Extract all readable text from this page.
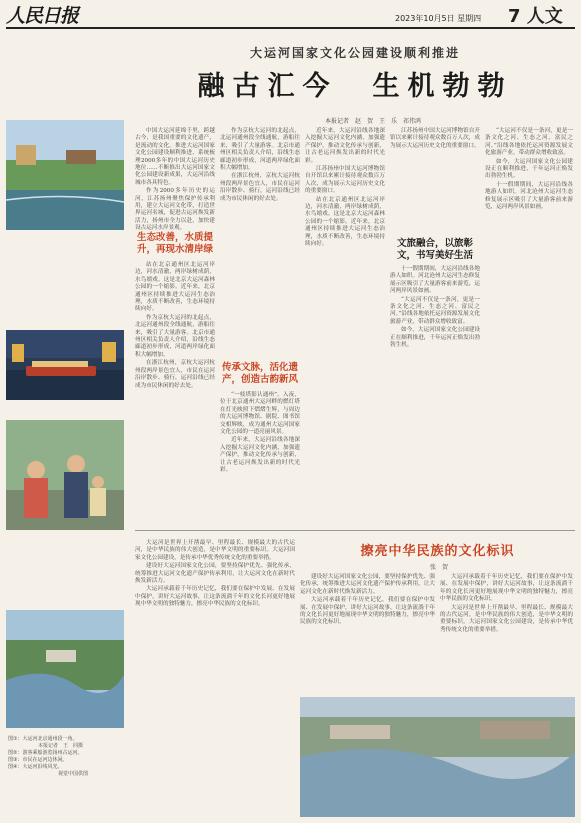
人民日报	2023年10月5日 星期四 7 人文
图①：大运河北京通州段一角。
本报记者　王　同摄
图②：游客乘船游览扬州古运河。
图③：市民在运河边休闲。
图④：大运河沿线风光。
视觉中国供图
大运河国家文化公园建设顺利推进
融古汇今　生机勃勃
本报记者　赵　贺　王　乐　祁伟鸿

中国大运河延绵千里，跨越古今，是我国重要的文化遗产，是流动的文化。推进大运河国家文化公园建设顺利推进，系统梳理2000多年的中国大运河历史地位……不断推出大运河国家文化公园建设新成果，大运河沿线城市各具特色。

作为2000多年历史的运河，江苏扬州聚焦保护传承利用，建立大运河文化带，打造世界运河名城，促进古运河焕发新活力，扬州市全力以赴，加快建设古运河水岸景观。

生态改善，水质提升，再现水清岸绿

站在北京通州区北运河岸边，河水清澈，两岸绿树成荫，水鸟嬉戏。这是北京大运河森林公园的一个缩影。近年来，北京通州区持续推进大运河生态治理，水质不断改善，生态环境持续向好。

作为京杭大运河的北起点，北运河通州段全线通航，游船往来，吸引了大量游客。北京市通州区相关负责人介绍，沿线生态廊道初步形成，河道两岸绿化面积大幅增加。

在浙江杭州，京杭大运河杭州段两岸景色宜人，市民在运河沿岸散步、骑行，运河沿线已经成为市民休闲的好去处。

作为京杭大运河的北起点，北运河通州段全线通航，游船往来，吸引了大量游客。北京市通州区相关负责人介绍，沿线生态廊道初步形成，河道两岸绿化面积大幅增加。

在浙江杭州，京杭大运河杭州段两岸景色宜人，市民在运河沿岸散步、骑行，运河沿线已经成为市民休闲的好去处。

传承文脉，活化遗产，创造古韵新风

“一枝塔影认通州”。入夜，位于北京通州大运河畔的燃灯塔在灯光映照下熠熠生辉，与周边的大运河博物馆、剧院、图书馆交相辉映，成为通州大运河国家文化公园的一道亮丽风景。

近年来，大运河沿线各地深入挖掘大运河文化内涵，加强遗产保护，推动文化传承与创新，让古老运河焕发出新的时代光彩。

近年来，大运河沿线各地深入挖掘大运河文化内涵，加强遗产保护，推动文化传承与创新，让古老运河焕发出新的时代光彩。

江苏扬州中国大运河博物馆自开馆以来累计接待观众数百万人次，成为展示大运河历史文化的重要窗口。

站在北京通州区北运河岸边，河水清澈，两岸绿树成荫，水鸟嬉戏。这是北京大运河森林公园的一个缩影。近年来，北京通州区持续推进大运河生态治理，水质不断改善，生态环境持续向好。

江苏扬州中国大运河博物馆自开馆以来累计接待观众数百万人次，成为展示大运河历史文化的重要窗口。

文旅融合，以旅彰文，书写美好生活

十一假期期间，大运河沿线各地游人如织。河北沧州大运河生态修复展示区吸引了大量游客前来游览，运河两岸风景如画。

“大运河不仅是一条河，更是一条文化之河、生态之河、富民之河。”沿线各地依托运河资源发展文化旅游产业，带动群众增收致富。

如今，大运河国家文化公园建设正在顺利推进，千年运河正焕发出勃勃生机。

“大运河不仅是一条河，更是一条文化之河、生态之河、富民之河。”沿线各地依托运河资源发展文化旅游产业，带动群众增收致富。

如今，大运河国家文化公园建设正在顺利推进，千年运河正焕发出勃勃生机。

十一假期期间，大运河沿线各地游人如织。河北沧州大运河生态修复展示区吸引了大量游客前来游览，运河两岸风景如画。

大运河是世界上开凿最早、里程最长、规模最大的古代运河，是中华民族的伟大创造，是中华文明的重要标识。大运河国家文化公园建设，是传承中华优秀传统文化的重要举措。

建设好大运河国家文化公园，要坚持保护优先、强化传承，统筹推进大运河文化遗产保护传承利用，让大运河文化在新时代焕发新活力。

大运河承载着千年历史记忆，我们要在保护中发展、在发展中保护，讲好大运河故事，让这条流淌千年的文化长河更好地展现中华文明的独特魅力，擦亮中华民族的文化标识。

擦亮中华民族的文化标识
张　贺

建设好大运河国家文化公园，要坚持保护优先、强化传承，统筹推进大运河文化遗产保护传承利用，让大运河文化在新时代焕发新活力。

大运河承载着千年历史记忆，我们要在保护中发展、在发展中保护，讲好大运河故事，让这条流淌千年的文化长河更好地展现中华文明的独特魅力，擦亮中华民族的文化标识。

大运河承载着千年历史记忆，我们要在保护中发展、在发展中保护，讲好大运河故事，让这条流淌千年的文化长河更好地展现中华文明的独特魅力，擦亮中华民族的文化标识。

大运河是世界上开凿最早、里程最长、规模最大的古代运河，是中华民族的伟大创造，是中华文明的重要标识。大运河国家文化公园建设，是传承中华优秀传统文化的重要举措。
